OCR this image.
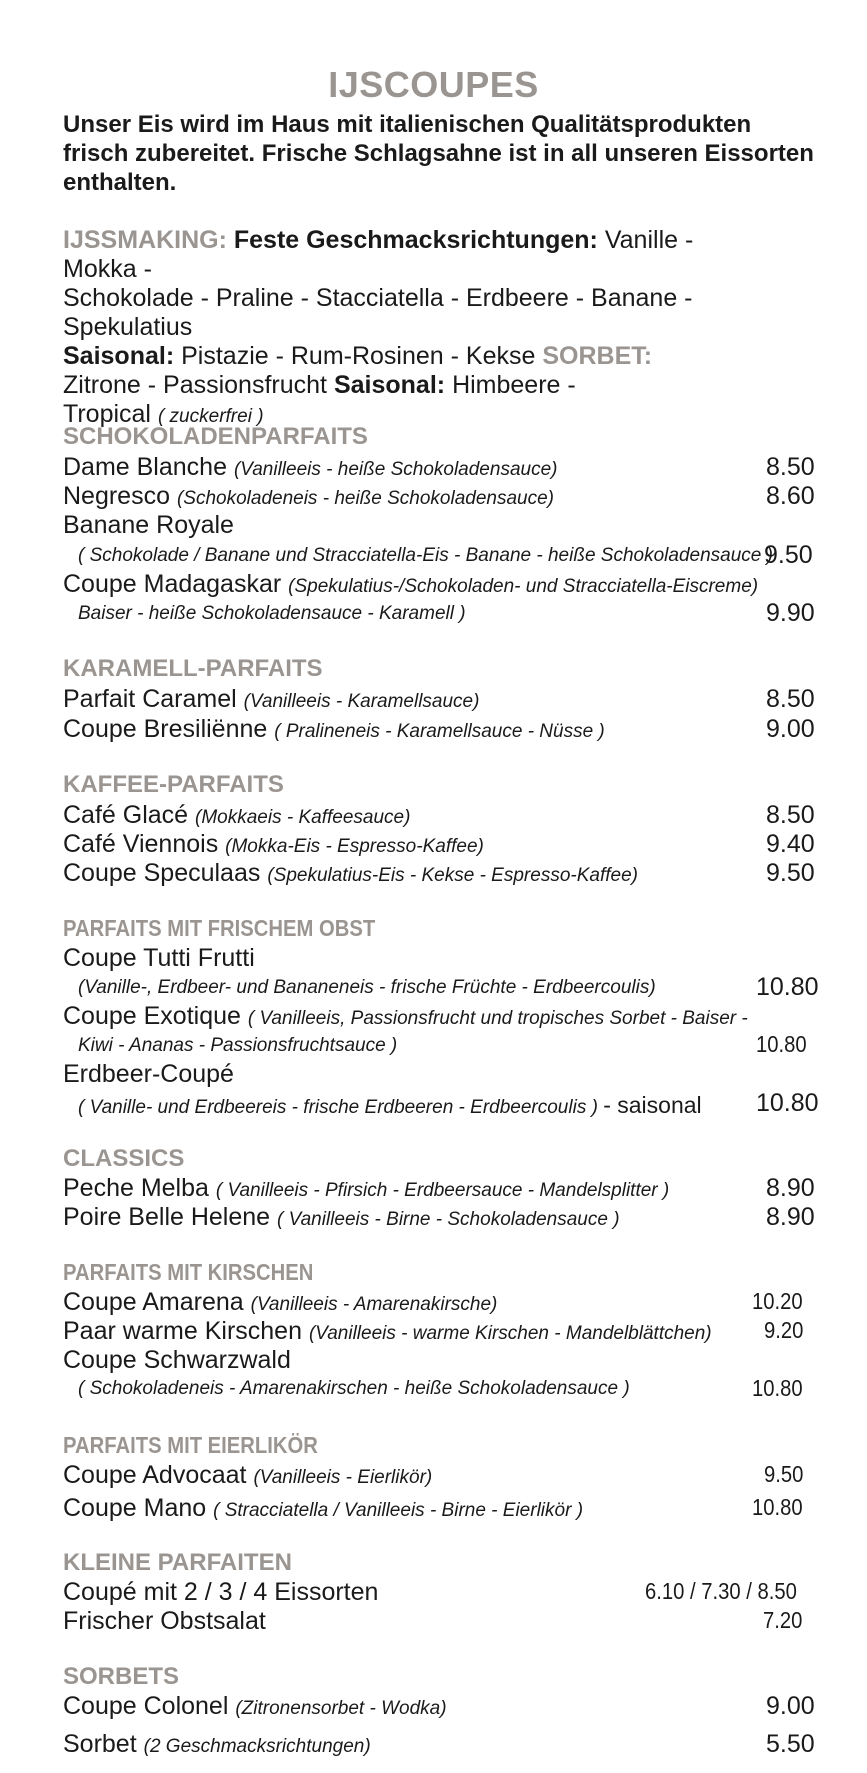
IJSCOUPES
Unser Eis wird im Haus mit italienischen Qualitätsprodukten frisch zubereitet. Frische Schlagsahne ist in all unseren Eissorten enthalten.
IJSSMAKING: Feste Geschmacksrichtungen: Vanille - Mokka -
Schokolade - Praline - Stacciatella - Erdbeere - Banane -
Spekulatius
Saisonal: Pistazie - Rum-Rosinen - Kekse SORBET:
Zitrone - Passionsfrucht Saisonal: Himbeere -
Tropical ( zuckerfrei )
SCHOKOLADENPARFAITS
Dame Blanche (Vanilleeis - heiße Schokoladensauce)	8.50
Negresco (Schokoladeneis - heiße Schokoladensauce)	8.60
Banane Royale
( Schokolade / Banane und Stracciatella-Eis - Banane - heiße Schokoladensauce )
9.50
Coupe Madagaskar (Spekulatius-/Schokoladen- und Stracciatella-Eiscreme)
Baiser - heiße Schokoladensauce - Karamell )	9.90
KARAMELL-PARFAITS
Parfait Caramel (Vanilleeis - Karamellsauce)	8.50
Coupe Bresiliënne ( Pralineneis - Karamellsauce - Nüsse )	9.00
KAFFEE-PARFAITS
Café Glacé (Mokkaeis - Kaffeesauce)	8.50
Café Viennois (Mokka-Eis - Espresso-Kaffee)	9.40
Coupe Speculaas (Spekulatius-Eis - Kekse - Espresso-Kaffee)	9.50
PARFAITS MIT FRISCHEM OBST
Coupe Tutti Frutti
(Vanille-, Erdbeer- und Bananeneis - frische Früchte - Erdbeercoulis)	10.80
Coupe Exotique ( Vanilleeis, Passionsfrucht und tropisches Sorbet - Baiser -
Kiwi - Ananas - Passionsfruchtsauce )	10.80
Erdbeer-Coupé
( Vanille- und Erdbeereis - frische Erdbeeren - Erdbeercoulis ) - saisonal 10.80
CLASSICS
Peche Melba ( Vanilleeis - Pfirsich - Erdbeersauce - Mandelsplitter )	8.90
Poire Belle Helene ( Vanilleeis - Birne - Schokoladensauce )	8.90
PARFAITS MIT KIRSCHEN
Coupe Amarena (Vanilleeis - Amarenakirsche)	10.20
Paar warme Kirschen (Vanilleeis - warme Kirschen - Mandelblättchen) 9.20
Coupe Schwarzwald
( Schokoladeneis - Amarenakirschen - heiße Schokoladensauce )	10.80
PARFAITS MIT EIERLIKÖR
Coupe Advocaat (Vanilleeis - Eierlikör)	9.50
Coupe Mano ( Stracciatella / Vanilleeis - Birne - Eierlikör )	10.80
KLEINE PARFAITEN
Coupé mit 2 / 3 / 4 Eissorten	6.10 / 7.30 / 8.50
Frischer Obstsalat	7.20
SORBETS
Coupe Colonel (Zitronensorbet - Wodka)	9.00
Sorbet (2 Geschmacksrichtungen)	5.50
